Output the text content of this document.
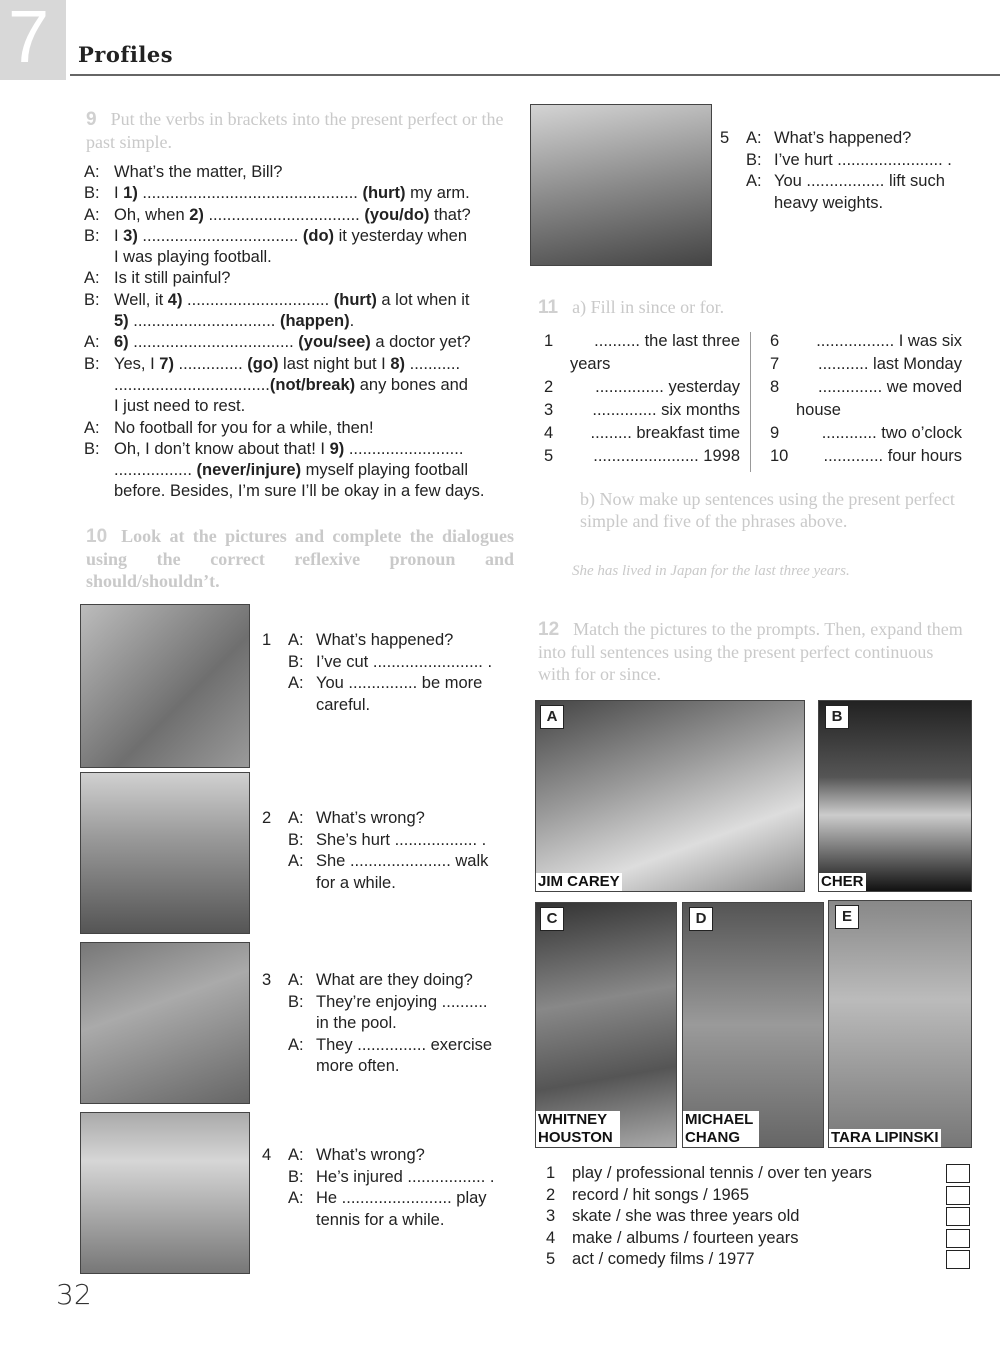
7 Profiles
9 Put the verbs in brackets into the present perfect or the past simple.
A: What’s the matter, Bill?
B: I 1) ............................................... (hurt) my arm.
A: Oh, when 2) ................................. (you/do) that?
B: I 3) .................................. (do) it yesterday when
I was playing football.
A: Is it still painful?
B: Well, it 4) ............................... (hurt) a lot when it
5) ............................... (happen).
A: 6) ................................... (you/see) a doctor yet?
B: Yes, I 7) .............. (go) last night but I 8) ...........
..................................(not/break) any bones and
I just need to rest.
A: No football for you for a while, then!
B: Oh, I don’t know about that! I 9) .........................
................. (never/injure) myself playing football
before. Besides, I’m sure I’ll be okay in a few days.
10 Look at the pictures and complete the dialogues using the correct reflexive pronoun and should/shouldn’t.
1	A: What’s happened?
B: I’ve cut ........................ .
A: You ............... be more
careful.
2	A: What’s wrong?
B: She’s hurt .................. .
A: She ...................... walk
for a while.
3	A: What are they doing?
B: They’re enjoying ..........
in the pool.
A: They ............... exercise
more often.
4	A: What’s wrong?
B: He’s injured ................. .
A: He ........................ play
tennis for a while.
5	A: What’s happened?
B: I’ve hurt ....................... .
A: You ................. lift such
heavy weights.
11 a) Fill in since or for.
1	.......... the last three
years
2	............... yesterday
3	.............. six months
4	......... breakfast time
5	....................... 1998
6	................. I was six
7	........... last Monday
8	.............. we moved
house
9	............ two o’clock
10	............. four hours
b) Now make up sentences using the present perfect simple and five of the phrases above.
She has lived in Japan for the last three years.
12 Match the pictures to the prompts. Then, expand them into full sentences using the present perfect continuous with for or since.
A
JIM CAREY
B
CHER
C
WHITNEY HOUSTON
D
MICHAEL CHANG
E
TARA LIPINSKI
1	play / professional tennis / over ten years
2	record / hit songs / 1965
3	skate / she was three years old
4	make / albums / fourteen years
5	act / comedy films / 1977
32
